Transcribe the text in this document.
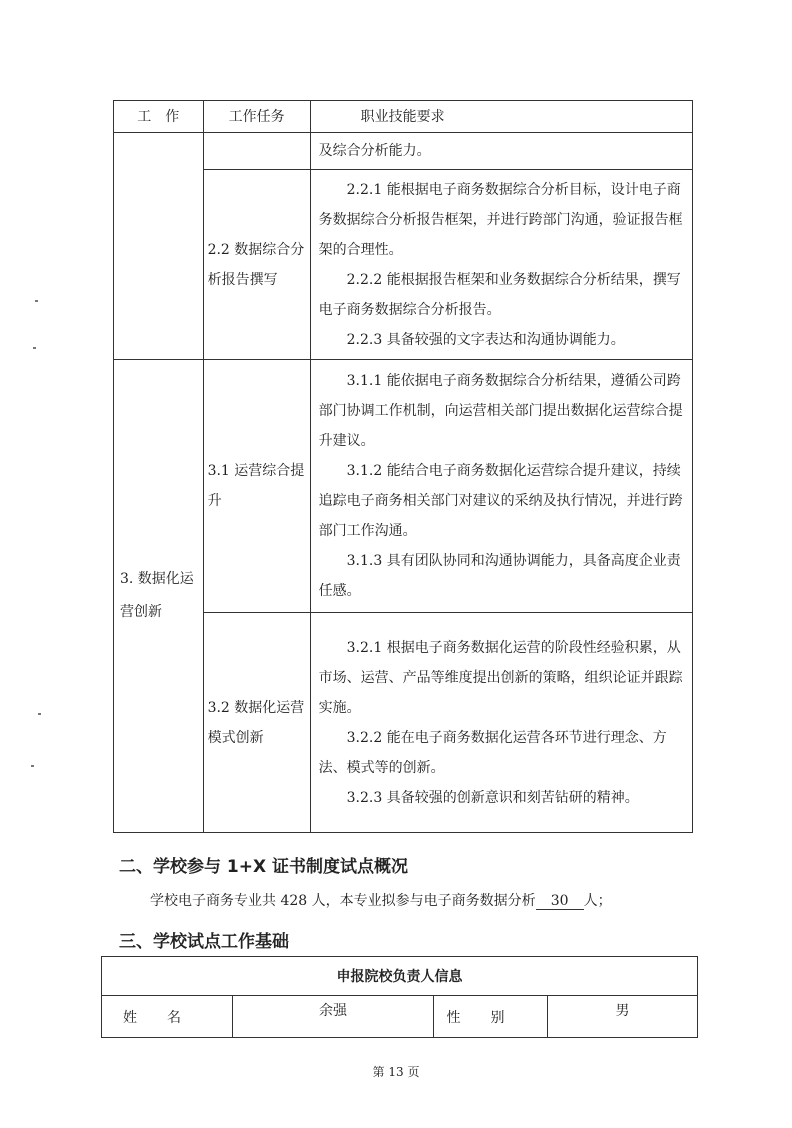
工　作	工作任务	职业技能要求

		及综合分析能力。

	2.2 数据综合分析报告撰写	2.2.1 能根据电子商务数据综合分析目标，设计电子商务数据综合分析报告框架，并进行跨部门沟通，验证报告框架的合理性。

2.2.2 能根据报告框架和业务数据综合分析结果，撰写电子商务数据综合分析报告。

2.2.3 具备较强的文字表达和沟通协调能力。

3. 数据化运营创新	3.1 运营综合提升	3.1.1 能依据电子商务数据综合分析结果，遵循公司跨部门协调工作机制，向运营相关部门提出数据化运营综合提升建议。

3.1.2 能结合电子商务数据化运营综合提升建议，持续追踪电子商务相关部门对建议的采纳及执行情况，并进行跨部门工作沟通。

3.1.3 具有团队协同和沟通协调能力，具备高度企业责任感。

	3.2 数据化运营模式创新	3.2.1 根据电子商务数据化运营的阶段性经验积累，从市场、运营、产品等维度提出创新的策略，组织论证并跟踪实施。

3.2.2 能在电子商务数据化运营各环节进行理念、方法、模式等的创新。

3.2.3 具备较强的创新意识和刻苦钻研的精神。

二、学校参与 1+X 证书制度试点概况
学校电子商务专业共 428 人，本专业拟参与电子商务数据分析 30 人；
三、学校试点工作基础
申报院校负责人信息
姓名	余强	性别	男
第 13 页
